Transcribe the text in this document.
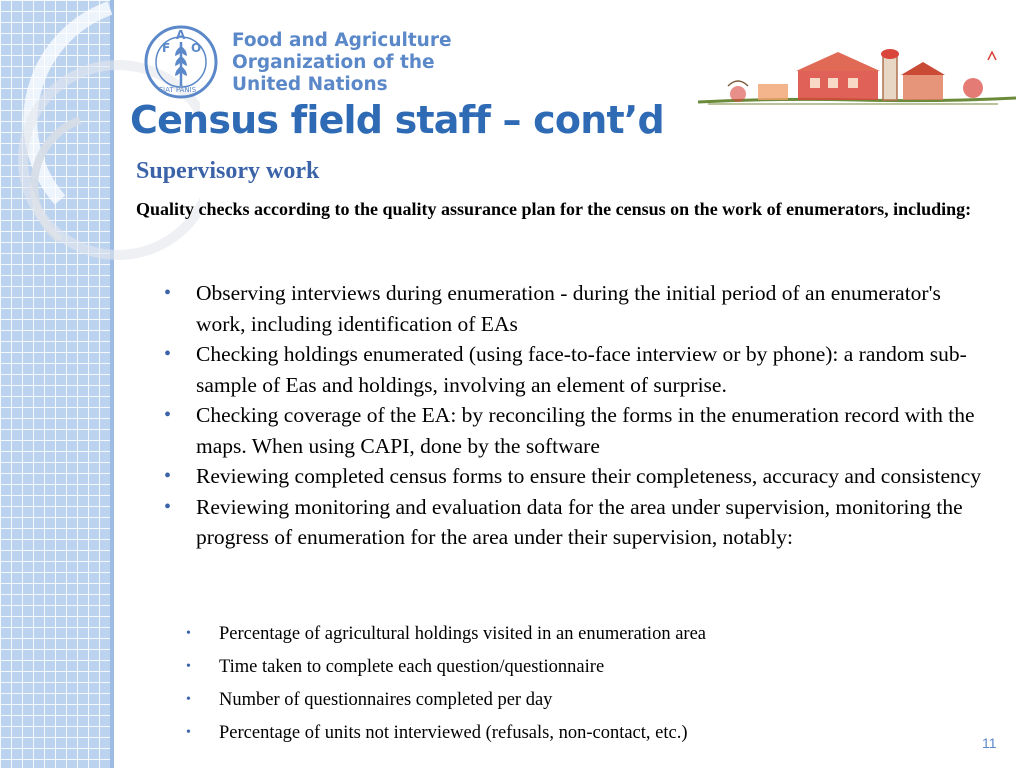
F
A
O
FIAT PANIS
Food and Agriculture
Organization of the
United Nations
Census field staff – cont’d
Supervisory work
Quality checks according to the quality assurance plan for the census on the work of enumerators, including:
• Observing interviews during enumeration - during the initial period of an enumerator's work, including identification of EAs
• Checking holdings enumerated (using face-to-face interview or by phone): a random sub-sample of Eas and holdings, involving an element of surprise.
• Checking coverage of the EA: by reconciling the forms in the enumeration record with the maps. When using CAPI, done by the software
• Reviewing completed census forms to ensure their completeness, accuracy and consistency
• Reviewing monitoring and evaluation data for the area under supervision, monitoring the progress of enumeration for the area under their supervision, notably:
• Percentage of agricultural holdings visited in an enumeration area
• Time taken to complete each question/questionnaire
• Number of questionnaires completed per day
• Percentage of units not interviewed (refusals, non-contact, etc.)	11
